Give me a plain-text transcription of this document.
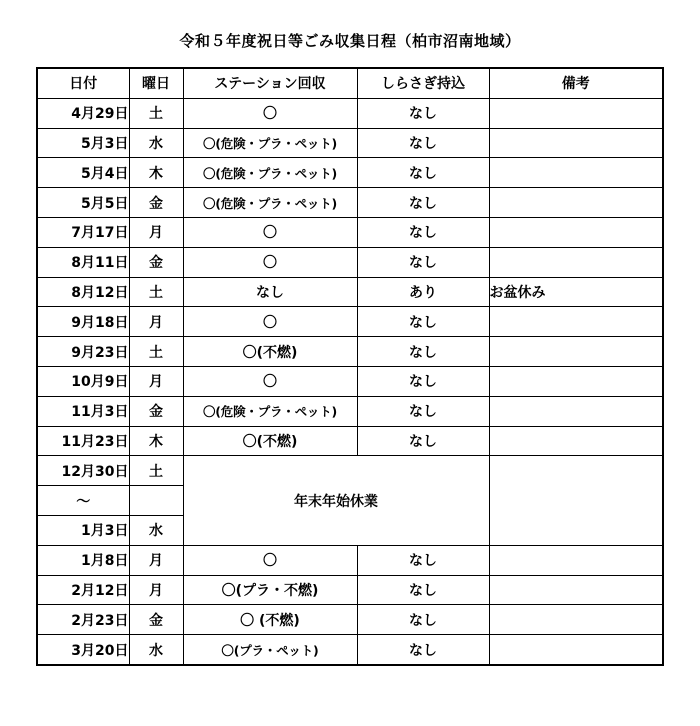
令和５年度祝日等ごみ収集日程（柏市沼南地域）
日付	曜日	ステーション回収	しらさぎ持込	備考
4月29日	土	〇	なし	
5月3日	水	〇(危険・プラ・ペット)	なし	
5月4日	木	〇(危険・プラ・ペット)	なし	
5月5日	金	〇(危険・プラ・ペット)	なし	
7月17日	月	〇	なし	
8月11日	金	〇	なし	
8月12日	土	なし	あり	お盆休み
9月18日	月	〇	なし	
9月23日	土	〇(不燃)	なし	
10月9日	月	〇	なし	
11月3日	金	〇(危険・プラ・ペット)	なし	
11月23日	木	〇(不燃)	なし	
12月30日	土	年末年始休業		
～				
1月3日	水			
1月8日	月	〇	なし	
2月12日	月	〇(プラ・不燃)	なし	
2月23日	金	〇 (不燃)	なし	
3月20日	水	〇(プラ・ペット)	なし	
